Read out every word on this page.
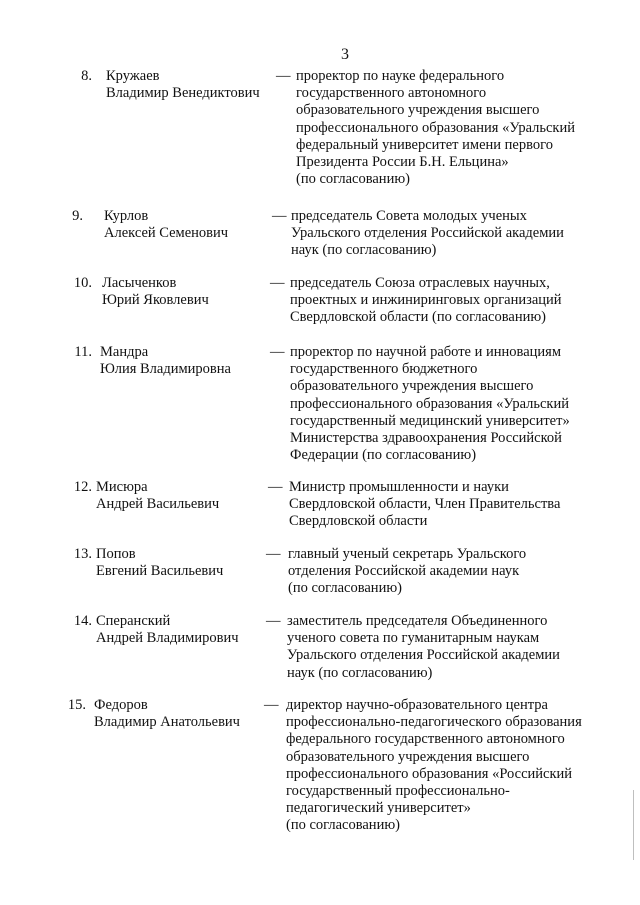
3
8. Кружаев
Владимир Венедиктович
— проректор по науке федерального
государственного автономного
образовательного учреждения высшего
профессионального образования «Уральский
федеральный университет имени первого
Президента России Б.Н. Ельцина»
(по согласованию)
9. Курлов
Алексей Семенович
— председатель Совета молодых ученых
Уральского отделения Российской академии
наук (по согласованию)
10. Ласыченков
Юрий Яковлевич
— председатель Союза отраслевых научных,
проектных и инжиниринговых организаций
Свердловской области (по согласованию)
11. Мандра
Юлия Владимировна
— проректор по научной работе и инновациям
государственного бюджетного
образовательного учреждения высшего
профессионального образования «Уральский
государственный медицинский университет»
Министерства здравоохранения Российской
Федерации (по согласованию)
12. Мисюра
Андрей Васильевич
— Министр промышленности и науки
Свердловской области, Член Правительства
Свердловской области
13. Попов
Евгений Васильевич
— главный ученый секретарь Уральского
отделения Российской академии наук
(по согласованию)
14. Сперанский
Андрей Владимирович
— заместитель председателя Объединенного
ученого совета по гуманитарным наукам
Уральского отделения Российской академии
наук (по согласованию)
15. Федоров
Владимир Анатольевич
— директор научно-образовательного центра
профессионально-педагогического образования
федерального государственного автономного
образовательного учреждения высшего
профессионального образования «Российский
государственный профессионально-
педагогический университет»
(по согласованию)
